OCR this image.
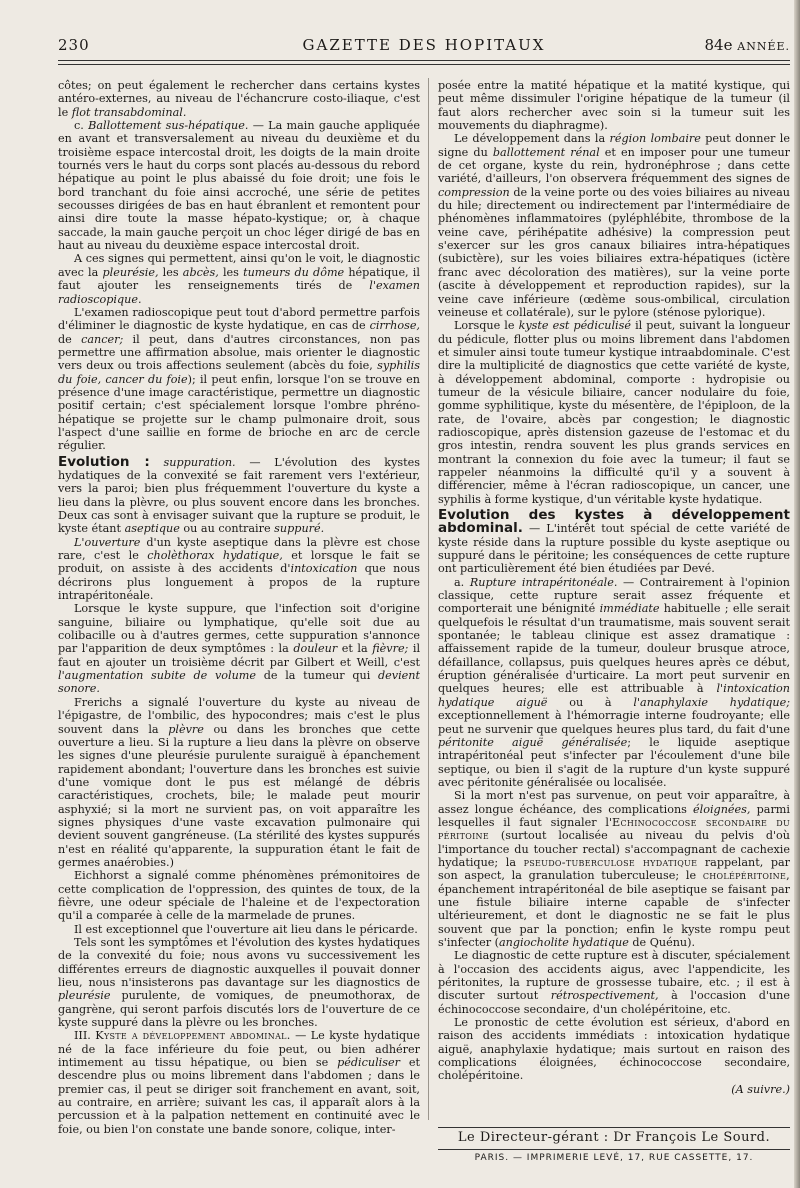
230	GAZETTE DES HOPITAUX	84e ANNÉE.

côtes; on peut également le rechercher dans certains kystes antéro-externes, au niveau de l'échancrure costo-iliaque, c'est le flot transabdominal.

c. Ballottement sus-hépatique. — La main gauche appliquée en avant et transversalement au niveau du deuxième et du troisième espace intercostal droit, les doigts de la main droite tournés vers le haut du corps sont placés au-dessous du rebord hépatique au point le plus abaissé du foie droit; une fois le bord tranchant du foie ainsi accroché, une série de petites secousses dirigées de bas en haut ébranlent et remontent pour ainsi dire toute la masse hépato-kystique; or, à chaque saccade, la main gauche perçoit un choc léger dirigé de bas en haut au niveau du deuxième espace intercostal droit.

A ces signes qui permettent, ainsi qu'on le voit, le diagnostic avec la pleurésie, les abcès, les tumeurs du dôme hépatique, il faut ajouter les renseignements tirés de l'examen radioscopique.

L'examen radioscopique peut tout d'abord permettre parfois d'éliminer le diagnostic de kyste hydatique, en cas de cirrhose, de cancer; il peut, dans d'autres circonstances, non pas permettre une affirmation absolue, mais orienter le diagnostic vers deux ou trois affections seulement (abcès du foie, syphilis du foie, cancer du foie); il peut enfin, lorsque l'on se trouve en présence d'une image caractéristique, permettre un diagnostic positif certain; c'est spécialement lorsque l'ombre phréno-hépatique se projette sur le champ pulmonaire droit, sous l'aspect d'une saillie en forme de brioche en arc de cercle régulier.

Evolution : suppuration. — L'évolution des kystes hydatiques de la convexité se fait rarement vers l'extérieur, vers la paroi; bien plus fréquemment l'ouverture du kyste a lieu dans la plèvre, ou plus souvent encore dans les bronches. Deux cas sont à envisager suivant que la rupture se produit, le kyste étant aseptique ou au contraire suppuré.

L'ouverture d'un kyste aseptique dans la plèvre est chose rare, c'est le cholèthorax hydatique, et lorsque le fait se produit, on assiste à des accidents d'intoxication que nous décrirons plus longuement à propos de la rupture intrapéritonéale.

Lorsque le kyste suppure, que l'infection soit d'origine sanguine, biliaire ou lymphatique, qu'elle soit due au colibacille ou à d'autres germes, cette suppuration s'annonce par l'apparition de deux symptômes : la douleur et la fièvre; il faut en ajouter un troisième décrit par Gilbert et Weill, c'est l'augmentation subite de volume de la tumeur qui devient sonore.

Frerichs a signalé l'ouverture du kyste au niveau de l'épigastre, de l'ombilic, des hypocondres; mais c'est le plus souvent dans la plèvre ou dans les bronches que cette ouverture a lieu. Si la rupture a lieu dans la plèvre on observe les signes d'une pleurésie purulente suraiguë à épanchement rapidement abondant; l'ouverture dans les bronches est suivie d'une vomique dont le pus est mélangé de débris caractéristiques, crochets, bile; le malade peut mourir asphyxié; si la mort ne survient pas, on voit apparaître les signes physiques d'une vaste excavation pulmonaire qui devient souvent gangréneuse. (La stérilité des kystes suppurés n'est en réalité qu'apparente, la suppuration étant le fait de germes anaérobies.)

Eichhorst a signalé comme phénomènes prémonitoires de cette complication de l'oppression, des quintes de toux, de la fièvre, une odeur spéciale de l'haleine et de l'expectoration qu'il a comparée à celle de la marmelade de prunes.

Il est exceptionnel que l'ouverture ait lieu dans le péricarde.

Tels sont les symptômes et l'évolution des kystes hydatiques de la convexité du foie; nous avons vu successivement les différentes erreurs de diagnostic auxquelles il pouvait donner lieu, nous n'insisterons pas davantage sur les diagnostics de pleurésie purulente, de vomiques, de pneumothorax, de gangrène, qui seront parfois discutés lors de l'ouverture de ce kyste suppuré dans la plèvre ou les bronches.

III. Kyste a développement abdominal. — Le kyste hydatique né de la face inférieure du foie peut, ou bien adhérer intimement au tissu hépatique, ou bien se pédiculiser et descendre plus ou moins librement dans l'abdomen ; dans le premier cas, il peut se diriger soit franchement en avant, soit, au contraire, en arrière; suivant les cas, il apparaît alors à la percussion et à la palpation nettement en continuité avec le foie, ou bien l'on constate une bande sonore, colique, inter-

posée entre la matité hépatique et la matité kystique, qui peut même dissimuler l'origine hépatique de la tumeur (il faut alors rechercher avec soin si la tumeur suit les mouvements du diaphragme).

Le développement dans la région lombaire peut donner le signe du ballottement rénal et en imposer pour une tumeur de cet organe, kyste du rein, hydronéphrose ; dans cette variété, d'ailleurs, l'on observera fréquemment des signes de compression de la veine porte ou des voies biliaires au niveau du hile; directement ou indirectement par l'intermédiaire de phénomènes inflammatoires (pyléphlébite, thrombose de la veine cave, périhépatite adhésive) la compression peut s'exercer sur les gros canaux biliaires intra-hépatiques (subictère), sur les voies biliaires extra-hépatiques (ictère franc avec décoloration des matières), sur la veine porte (ascite à développement et reproduction rapides), sur la veine cave inférieure (œdème sous-ombilical, circulation veineuse et collatérale), sur le pylore (sténose pylorique).

Lorsque le kyste est pédiculisé il peut, suivant la longueur du pédicule, flotter plus ou moins librement dans l'abdomen et simuler ainsi toute tumeur kystique intraabdominale. C'est dire la multiplicité de diagnostics que cette variété de kyste, à développement abdominal, comporte : hydropisie ou tumeur de la vésicule biliaire, cancer nodulaire du foie, gomme syphilitique, kyste du mésentère, de l'épiploon, de la rate, de l'ovaire, abcès par congestion; le diagnostic radioscopique, après distension gazeuse de l'estomac et du gros intestin, rendra souvent les plus grands services en montrant la connexion du foie avec la tumeur; il faut se rappeler néanmoins la difficulté qu'il y a souvent à différencier, même à l'écran radioscopique, un cancer, une syphilis à forme kystique, d'un véritable kyste hydatique.

Evolution des kystes à développement abdominal. — L'intérêt tout spécial de cette variété de kyste réside dans la rupture possible du kyste aseptique ou suppuré dans le péritoine; les conséquences de cette rupture ont particulièrement été bien étudiées par Devé.

a. Rupture intrapéritonéale. — Contrairement à l'opinion classique, cette rupture serait assez fréquente et comporterait une bénignité immédiate habituelle ; elle serait quelquefois le résultat d'un traumatisme, mais souvent serait spontanée; le tableau clinique est assez dramatique : affaissement rapide de la tumeur, douleur brusque atroce, défaillance, collapsus, puis quelques heures après ce début, éruption généralisée d'urticaire. La mort peut survenir en quelques heures; elle est attribuable à l'intoxication hydatique aiguë ou à l'anaphylaxie hydatique; exceptionnellement à l'hémorragie interne foudroyante; elle peut ne survenir que quelques heures plus tard, du fait d'une péritonite aiguë généralisée; le liquide aseptique intrapéritonéal peut s'infecter par l'écoulement d'une bile septique, ou bien il s'agit de la rupture d'un kyste suppuré avec péritonite généralisée ou localisée.

Si la mort n'est pas survenue, on peut voir apparaître, à assez longue échéance, des complications éloignées, parmi lesquelles il faut signaler l'Echinococcose secondaire du péritoine (surtout localisée au niveau du pelvis d'où l'importance du toucher rectal) s'accompagnant de cachexie hydatique; la pseudo-tuberculose hydatique rappelant, par son aspect, la granulation tuberculeuse; le cholépéritoine, épanchement intrapéritonéal de bile aseptique se faisant par une fistule biliaire interne capable de s'infecter ultérieurement, et dont le diagnostic ne se fait le plus souvent que par la ponction; enfin le kyste rompu peut s'infecter (angiocholite hydatique de Quénu).

Le diagnostic de cette rupture est à discuter, spécialement à l'occasion des accidents aigus, avec l'appendicite, les péritonites, la rupture de grossesse tubaire, etc. ; il est à discuter surtout rétrospectivement, à l'occasion d'une échinococcose secondaire, d'un cholépéritoine, etc.

Le pronostic de cette évolution est sérieux, d'abord en raison des accidents immédiats : intoxication hydatique aiguë, anaphylaxie hydatique; mais surtout en raison des complications éloignées, échinococcose secondaire, cholépéritoine.

(A suivre.)

Le Directeur-gérant : Dr François Le Sourd.
PARIS. — IMPRIMERIE LEVÉ, 17, RUE CASSETTE, 17.
